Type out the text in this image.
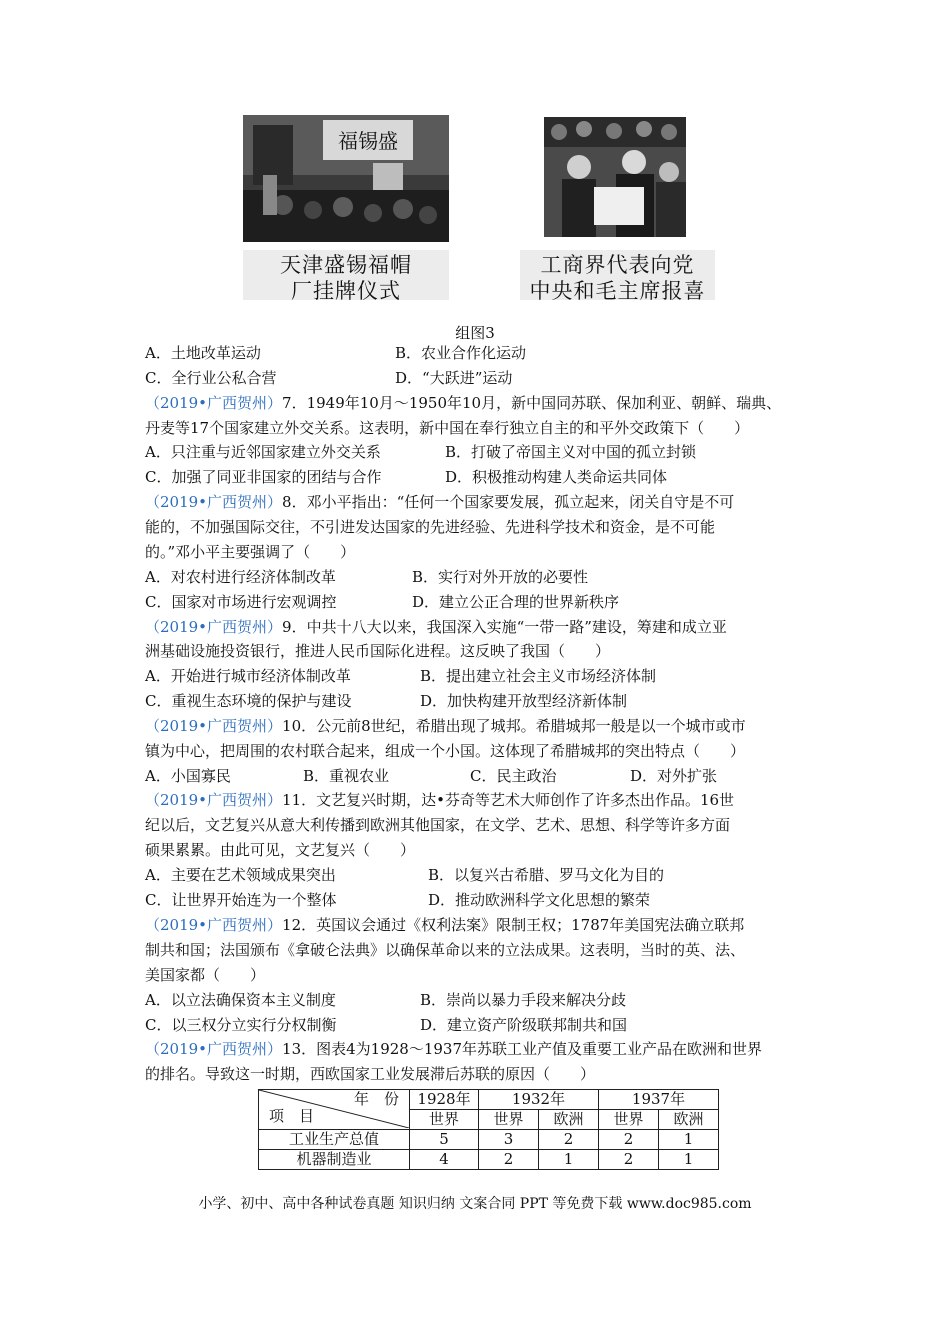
福锡盛
天津盛锡福帽
厂挂牌仪式
工商界代表向党
中央和毛主席报喜
组图3
A．土地改革运动	B．农业合作化运动
C．全行业公私合营	D．“大跃进”运动
（2019•广西贺州）7．1949年10月～1950年10月，新中国同苏联、保加利亚、朝鲜、瑞典、
丹麦等17个国家建立外交关系。这表明，新中国在奉行独立自主的和平外交政策下（　　）
A．只注重与近邻国家建立外交关系	B．打破了帝国主义对中国的孤立封锁
C．加强了同亚非国家的团结与合作	D．积极推动构建人类命运共同体
（2019•广西贺州）8．邓小平指出：“任何一个国家要发展，孤立起来，闭关自守是不可
能的，不加强国际交往，不引进发达国家的先进经验、先进科学技术和资金，是不可能
的。”邓小平主要强调了（　　）
A．对农村进行经济体制改革	B．实行对外开放的必要性
C．国家对市场进行宏观调控	D．建立公正合理的世界新秩序
（2019•广西贺州）9．中共十八大以来，我国深入实施“一带一路”建设，筹建和成立亚
洲基础设施投资银行，推进人民币国际化进程。这反映了我国（　　）
A．开始进行城市经济体制改革	B．提出建立社会主义市场经济体制
C．重视生态环境的保护与建设	D．加快构建开放型经济新体制
（2019•广西贺州）10．公元前8世纪，希腊出现了城邦。希腊城邦一般是以一个城市或市
镇为中心，把周围的农村联合起来，组成一个小国。这体现了希腊城邦的突出特点（　　）
A．小国寡民	B．重视农业	C．民主政治	D．对外扩张
（2019•广西贺州）11．文艺复兴时期，达•芬奇等艺术大师创作了许多杰出作品。16世
纪以后，文艺复兴从意大利传播到欧洲其他国家，在文学、艺术、思想、科学等许多方面
硕果累累。由此可见，文艺复兴（　　）
A．主要在艺术领域成果突出	B．以复兴古希腊、罗马文化为目的
C．让世界开始连为一个整体	D．推动欧洲科学文化思想的繁荣
（2019•广西贺州）12．英国议会通过《权利法案》限制王权；1787年美国宪法确立联邦
制共和国；法国颁布《拿破仑法典》以确保革命以来的立法成果。这表明，当时的英、法、
美国家都（　　）
A．以立法确保资本主义制度	B．崇尚以暴力手段来解决分歧
C．以三权分立实行分权制衡	D．建立资产阶级联邦制共和国
（2019•广西贺州）13．图表4为1928～1937年苏联工业产值及重要工业产品在欧洲和世界
的排名。导致这一时期，西欧国家工业发展滞后苏联的原因（　　）
年　份
项　目	1928年	1932年		1937年	
	世界	世界	欧洲	世界	欧洲
工业生产总值	5	3	2	2	1
机器制造业	4	2	1	2	1
小学、初中、高中各种试卷真题 知识归纳 文案合同 PPT 等免费下载 www.doc985.com
